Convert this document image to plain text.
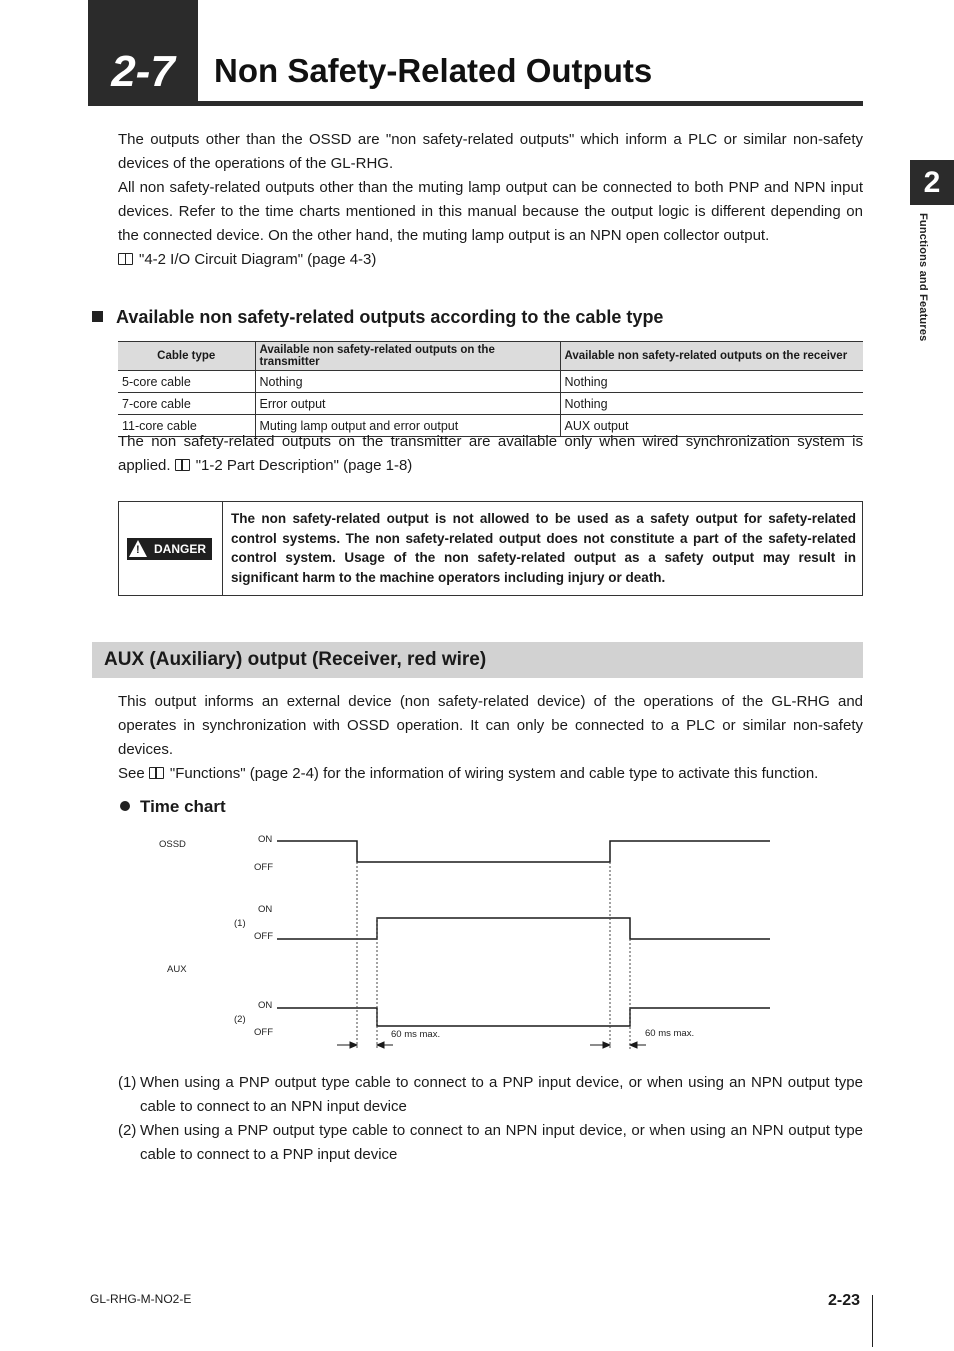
2-7	Non Safety-Related Outputs
2
Functions and Features

The outputs other than the OSSD are "non safety-related outputs" which inform a PLC or similar non-safety devices of the operations of the GL-RHG.

All non safety-related outputs other than the muting lamp output can be connected to both PNP and NPN input devices. Refer to the time charts mentioned in this manual because the output logic is different depending on the connected device. On the other hand, the muting lamp output is an NPN open collector output.

"4-2 I/O Circuit Diagram" (page 4-3)

Available non safety-related outputs according to the cable type
Cable type	Available non safety-related outputs on the transmitter	Available non safety-related outputs on the receiver
5-core cable	Nothing	Nothing
7-core cable	Error output	Nothing
11-core cable	Muting lamp output and error output	AUX output

The non safety-related outputs on the transmitter are available only when wired synchronization system is applied. "1-2 Part Description" (page 1-8)

DANGER
!
The non safety-related output is not allowed to be used as a safety output for safety-related control systems. The non safety-related output does not constitute a part of the safety-related control system. Usage of the non safety-related output as a safety output may result in significant harm to the machine operators including injury or death.
AUX (Auxiliary) output (Receiver, red wire)

This output informs an external device (non safety-related device) of the operations of the GL-RHG and operates in synchronization with OSSD operation. It can only be connected to a PLC or similar non-safety devices.

See "Functions" (page 2-4) for the information of wiring system and cable type to activate this function.

Time chart
OSSD	ON
OFF
ON
(1)
OFF
AUX
ON
(2)
OFF	60 ms max.	60 ms max.
(1) When using a PNP output type cable to connect to a PNP input device, or when using an NPN output type cable to connect to an NPN input device
(2) When using a PNP output type cable to connect to an NPN input device, or when using an NPN output type cable to connect to a PNP input device
GL-RHG-M-NO2-E	2-23
